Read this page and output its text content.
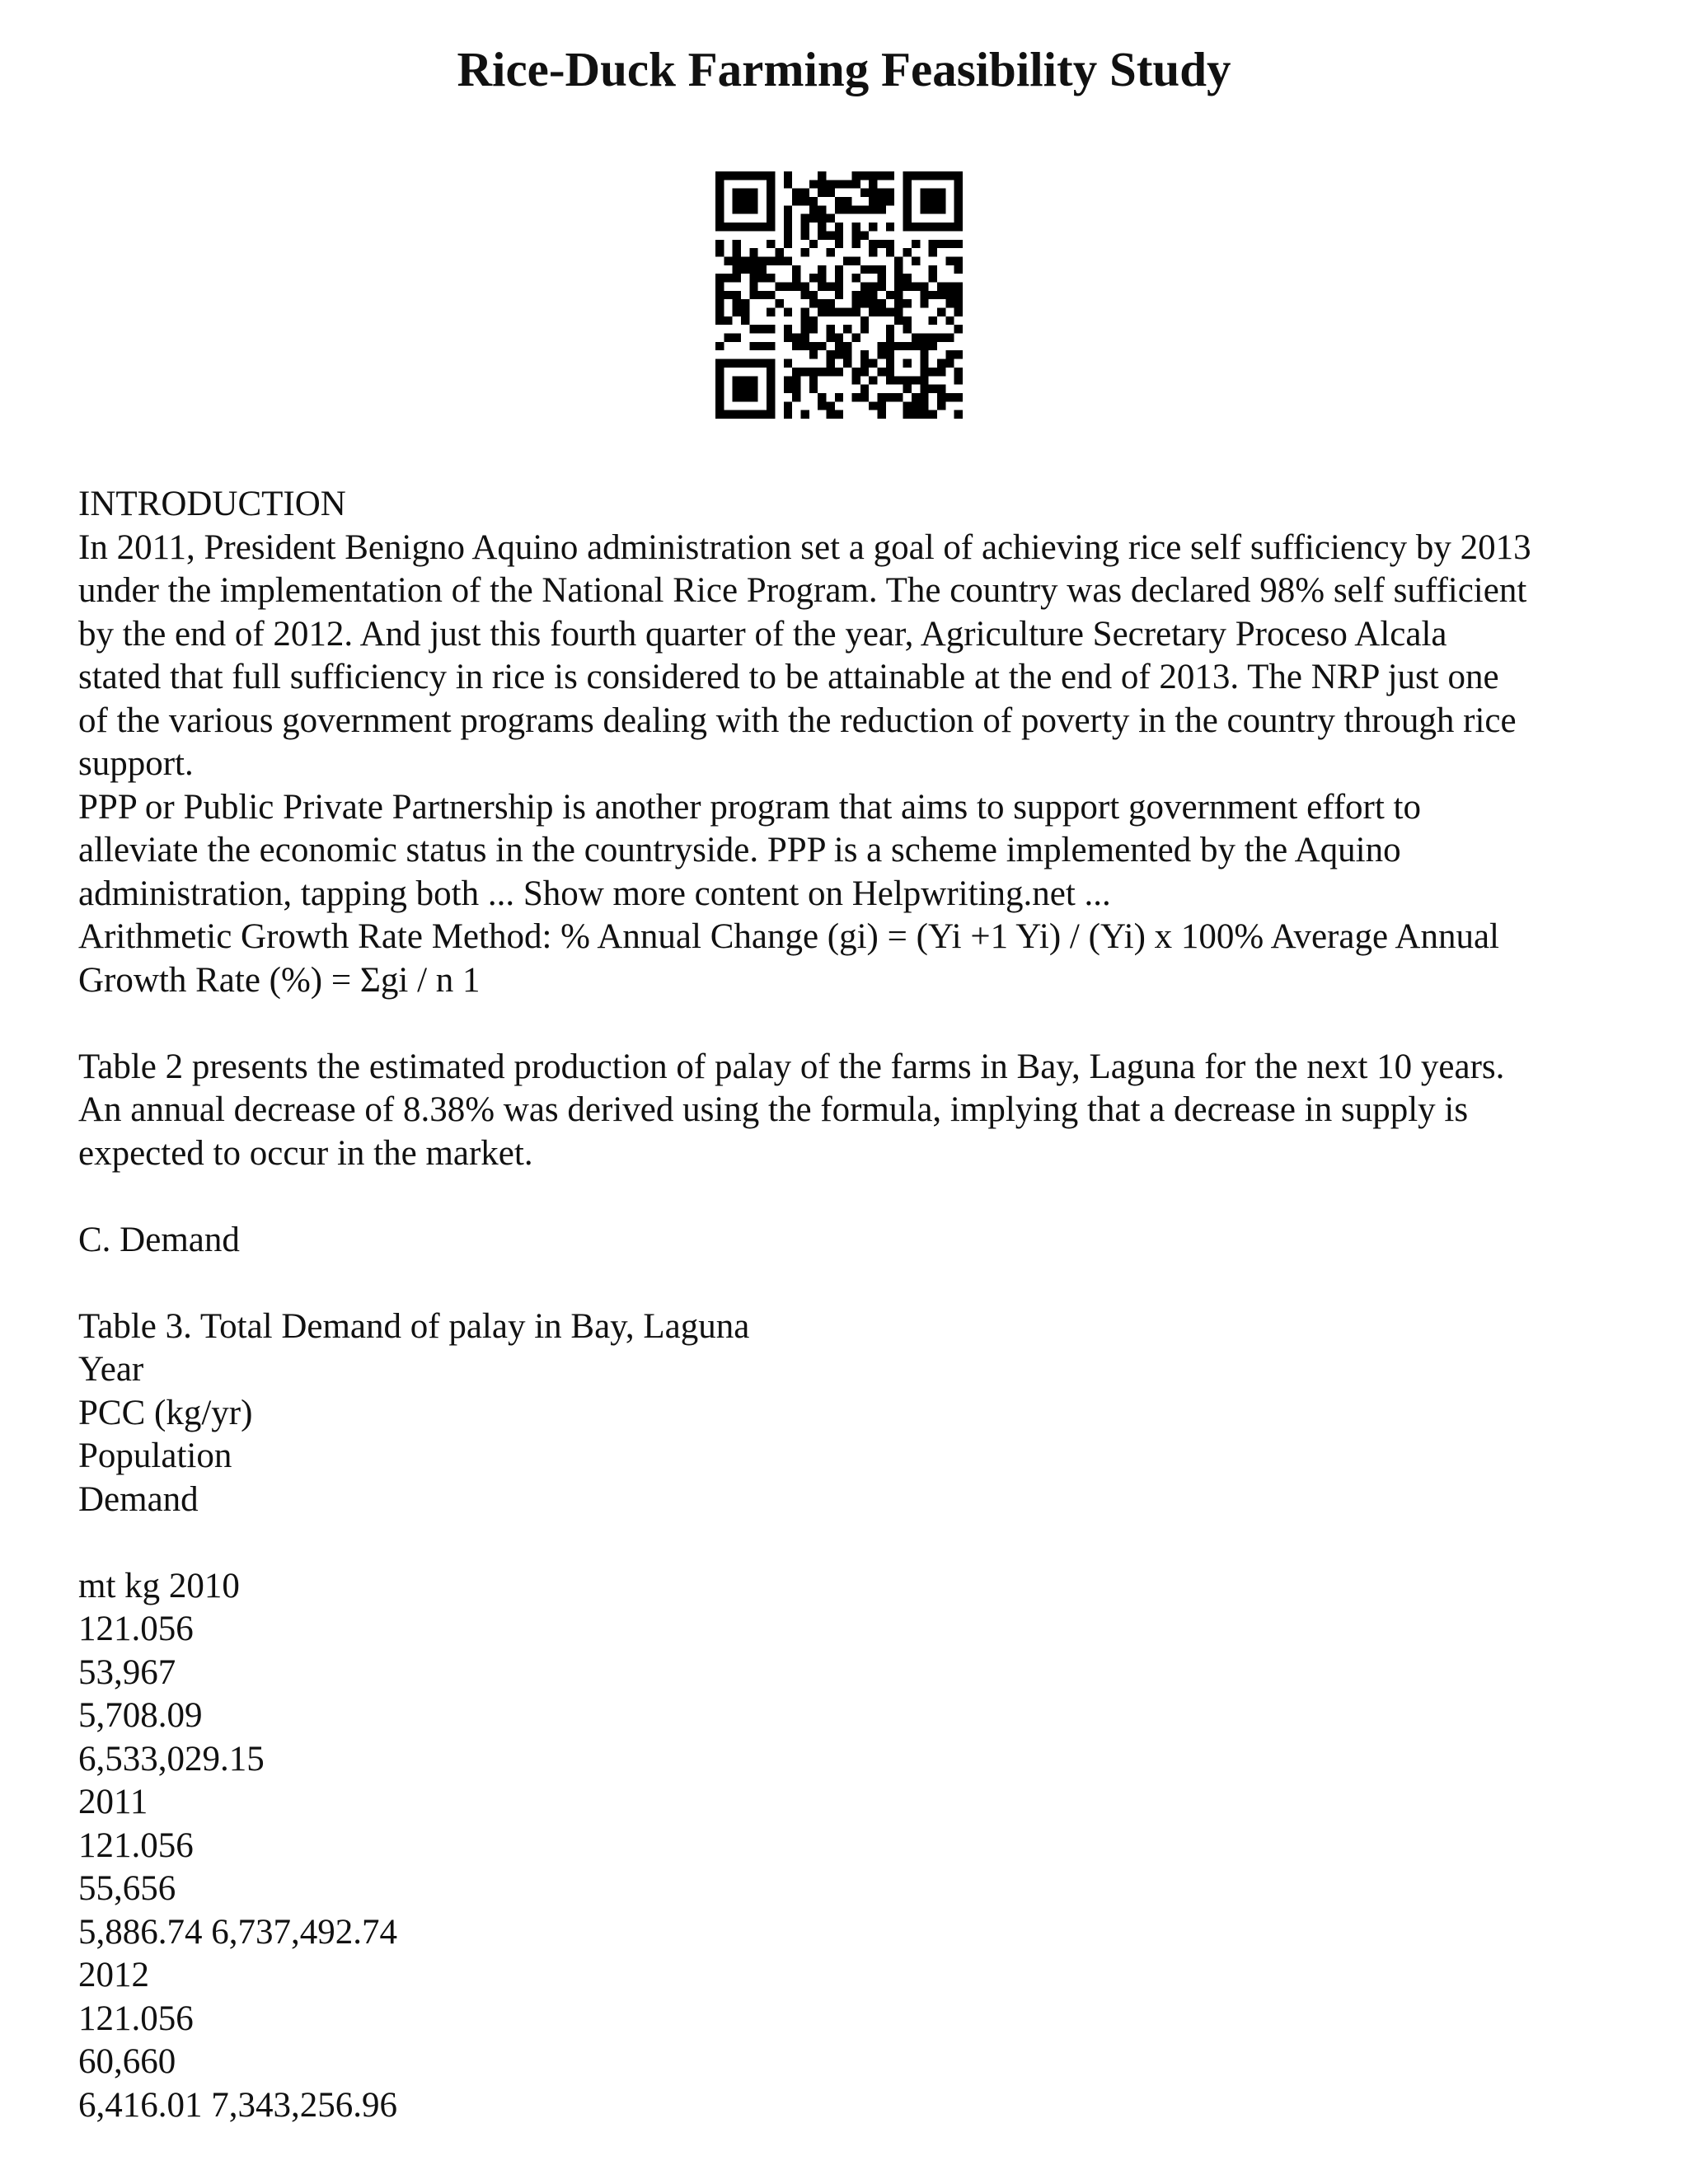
Rice-Duck Farming Feasibility Study
INTRODUCTION
In 2011, President Benigno Aquino administration set a goal of achieving rice self sufficiency by 2013
under the implementation of the National Rice Program. The country was declared 98% self sufficient
by the end of 2012. And just this fourth quarter of the year, Agriculture Secretary Proceso Alcala
stated that full sufficiency in rice is considered to be attainable at the end of 2013. The NRP just one
of the various government programs dealing with the reduction of poverty in the country through rice
support.
PPP or Public Private Partnership is another program that aims to support government effort to
alleviate the economic status in the countryside. PPP is a scheme implemented by the Aquino
administration, tapping both ... Show more content on Helpwriting.net ...
Arithmetic Growth Rate Method: % Annual Change (gi) = (Yi +1 Yi) / (Yi) x 100% Average Annual
Growth Rate (%) = Σgi / n 1
Table 2 presents the estimated production of palay of the farms in Bay, Laguna for the next 10 years.
An annual decrease of 8.38% was derived using the formula, implying that a decrease in supply is
expected to occur in the market.
C. Demand
Table 3. Total Demand of palay in Bay, Laguna
Year
PCC (kg/yr)
Population
Demand
mt kg 2010
121.056
53,967
5,708.09
6,533,029.15
2011
121.056
55,656
5,886.74 6,737,492.74
2012
121.056
60,660
6,416.01 7,343,256.96
